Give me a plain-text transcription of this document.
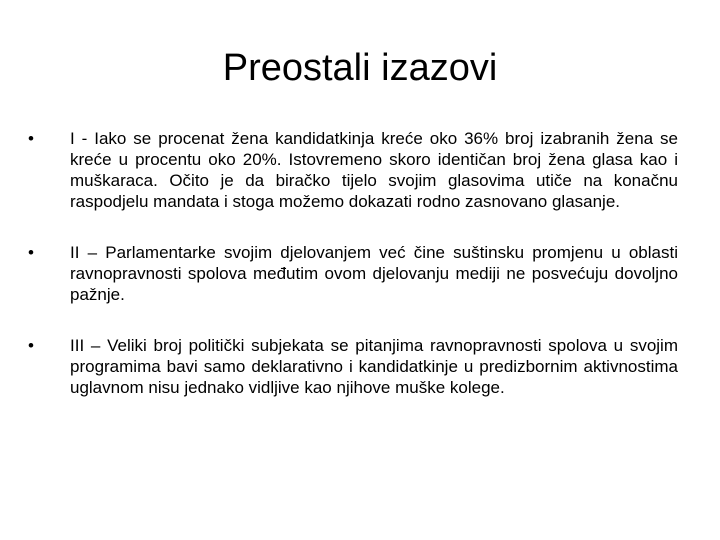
Preostali izazovi
•	I - Iako se procenat žena kandidatkinja kreće oko 36% broj izabranih žena se kreće u procentu oko 20%. Istovremeno skoro identičan broj žena glasa kao i muškaraca. Očito je da biračko tijelo svojim glasovima utiče na konačnu raspodjelu mandata i stoga možemo dokazati rodno zasnovano glasanje.
•	II – Parlamentarke svojim djelovanjem već čine suštinsku promjenu u oblasti ravnopravnosti spolova međutim ovom djelovanju mediji ne posvećuju dovoljno pažnje.
•	III – Veliki broj politički subjekata se pitanjima ravnopravnosti spolova u svojim programima bavi samo deklarativno i kandidatkinje u predizbornim aktivnostima uglavnom nisu jednako vidljive kao njihove muške kolege.
